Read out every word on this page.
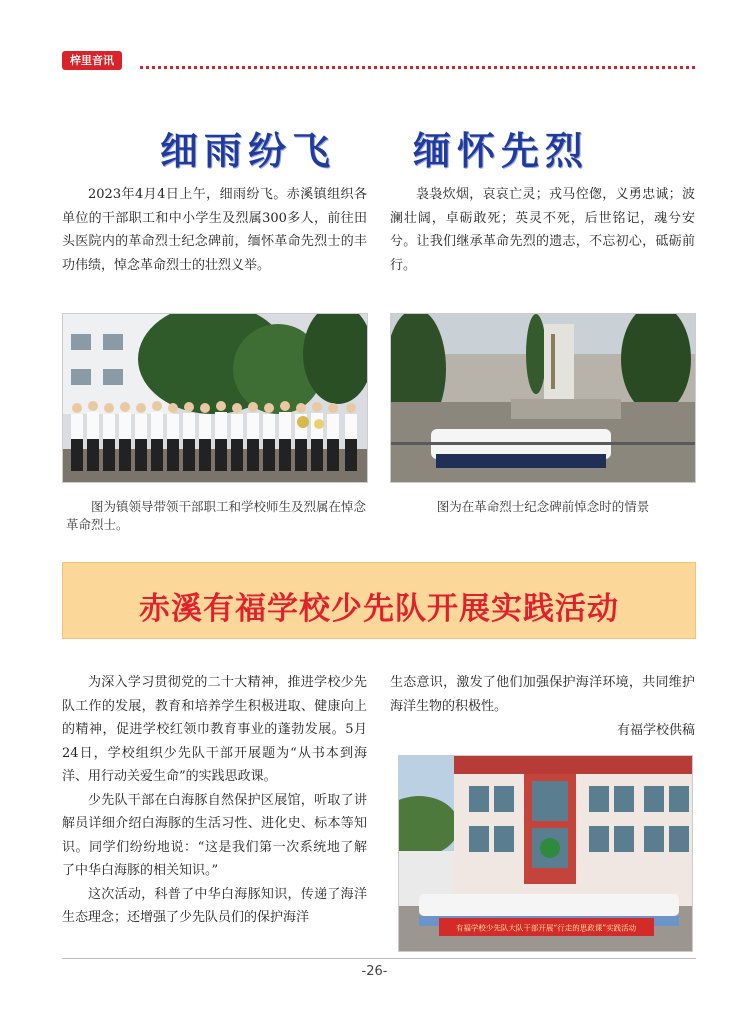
梓里音讯
细雨纷飞    缅怀先烈

2023年4月4日上午，细雨纷飞。赤溪镇组织各单位的干部职工和中小学生及烈属300多人，前往田头医院内的革命烈士纪念碑前，缅怀革命先烈士的丰功伟绩，悼念革命烈士的壮烈义举。

袅袅炊烟，哀哀亡灵；戎马倥偬，义勇忠诚；波澜壮阔，卓砺敢死；英灵不死，后世铭记，魂兮安兮。让我们继承革命先烈的遗志，不忘初心，砥砺前行。

图为镇领导带领干部职工和学校师生及烈属在悼念革命烈士。
图为在革命烈士纪念碑前悼念时的情景
赤溪有福学校少先队开展实践活动

为深入学习贯彻党的二十大精神，推进学校少先队工作的发展，教育和培养学生积极进取、健康向上的精神，促进学校红领巾教育事业的蓬勃发展。5月24日，学校组织少先队干部开展题为“从书本到海洋、用行动关爱生命”的实践思政课。

少先队干部在白海豚自然保护区展馆，听取了讲解员详细介绍白海豚的生活习性、进化史、标本等知识。同学们纷纷地说：“这是我们第一次系统地了解了中华白海豚的相关知识。”

这次活动，科普了中华白海豚知识，传递了海洋生态理念；还增强了少先队员们的保护海洋

生态意识，激发了他们加强保护海洋环境，共同维护海洋生物的积极性。

有福学校供稿
有福学校少先队大队干部开展“行走的思政课”实践活动
-26-
